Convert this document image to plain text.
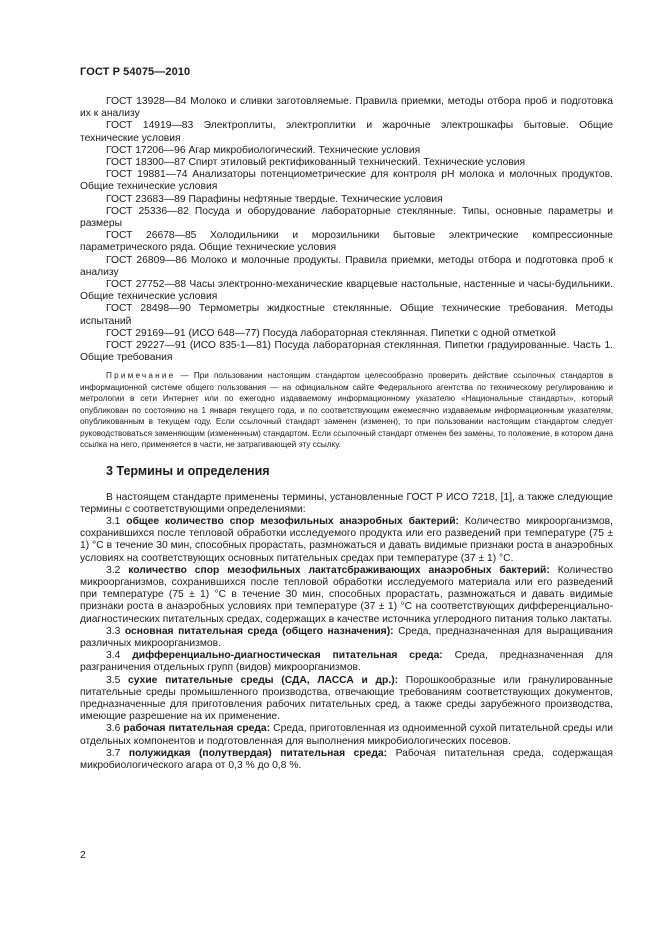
ГОСТ Р 54075—2010

ГОСТ 13928—84 Молоко и сливки заготовляемые. Правила приемки, методы отбора проб и подготовка их к анализу

ГОСТ 14919—83 Электроплиты, электроплитки и жарочные электрошкафы бытовые. Общие технические условия

ГОСТ 17206—96 Агар микробиологический. Технические условия

ГОСТ 18300—87 Спирт этиловый ректификованный технический. Технические условия

ГОСТ 19881—74 Анализаторы потенциометрические для контроля рН молока и молочных продуктов. Общие технические условия

ГОСТ 23683—89 Парафины нефтяные твердые. Технические условия

ГОСТ 25336—82 Посуда и оборудование лабораторные стеклянные. Типы, основные параметры и размеры

ГОСТ 26678—85 Холодильники и морозильники бытовые электрические компрессионные параметрического ряда. Общие технические условия

ГОСТ 26809—86 Молоко и молочные продукты. Правила приемки, методы отбора и подготовка проб к анализу

ГОСТ 27752—88 Часы электронно-механические кварцевые настольные, настенные и часы-будильники. Общие технические условия

ГОСТ 28498—90 Термометры жидкостные стеклянные. Общие технические требования. Методы испытаний

ГОСТ 29169—91 (ИСО 648—77) Посуда лабораторная стеклянная. Пипетки с одной отметкой

ГОСТ 29227—91 (ИСО 835-1—81) Посуда лабораторная стеклянная. Пипетки градуированные. Часть 1. Общие требования

Примечание — При пользовании настоящим стандартом целесообразно проверить действие ссылочных стандартов в информационной системе общего пользования — на официальном сайте Федерального агентства по техническому регулированию и метрологии в сети Интернет или по ежегодно издаваемому информационному указателю «Национальные стандарты», который опубликован по состоянию на 1 января текущего года, и по соответствующим ежемесячно издаваемым информационным указателям, опубликованным в текущем году. Если ссылочный стандарт заменен (изменен), то при пользовании настоящим стандартом следует руководствоваться заменяющим (измененным) стандартом. Если ссылочный стандарт отменен без замены, то положение, в котором дана ссылка на него, применяется в части, не затрагивающей эту ссылку.

3 Термины и определения

В настоящем стандарте применены термины, установленные ГОСТ Р ИСО 7218, [1], а также следующие термины с соответствующими определениями:

3.1 общее количество спор мезофильных анаэробных бактерий: Количество микроорганизмов, сохранившихся после тепловой обработки исследуемого продукта или его разведений при температуре (75 ± 1) °С в течение 30 мин, способных прорастать, размножаться и давать видимые признаки роста в анаэробных условиях на соответствующих основных питательных средах при температуре (37 ± 1) °С.

3.2 количество спор мезофильных лактатсбраживающих анаэробных бактерий: Количество микроорганизмов, сохранившихся после тепловой обработки исследуемого материала или его разведений при температуре (75 ± 1) °С в течение 30 мин, способных прорастать, размножаться и давать видимые признаки роста в анаэробных условиях при температуре (37 ± 1) °С на соответствующих дифференциально-диагностических питательных средах, содержащих в качестве источника углеродного питания только лактаты.

3.3 основная питательная среда (общего назначения): Среда, предназначенная для выращивания различных микроорганизмов.

3.4 дифференциально-диагностическая питательная среда: Среда, предназначенная для разграничения отдельных групп (видов) микроорганизмов.

3.5 сухие питательные среды (СДА, ЛАССА и др.): Порошкообразные или гранулированные питательные среды промышленного производства, отвечающие требованиям соответствующих документов, предназначенные для приготовления рабочих питательных сред, а также среды зарубежного производства, имеющие разрешение на их применение.

3.6 рабочая питательная среда: Среда, приготовленная из одноименной сухой питательной среды или отдельных компонентов и подготовленная для выполнения микробиологических посевов.

3.7 полужидкая (полутвердая) питательная среда: Рабочая питательная среда, содержащая микробиологического агара от 0,3 % до 0,8 %.

2
